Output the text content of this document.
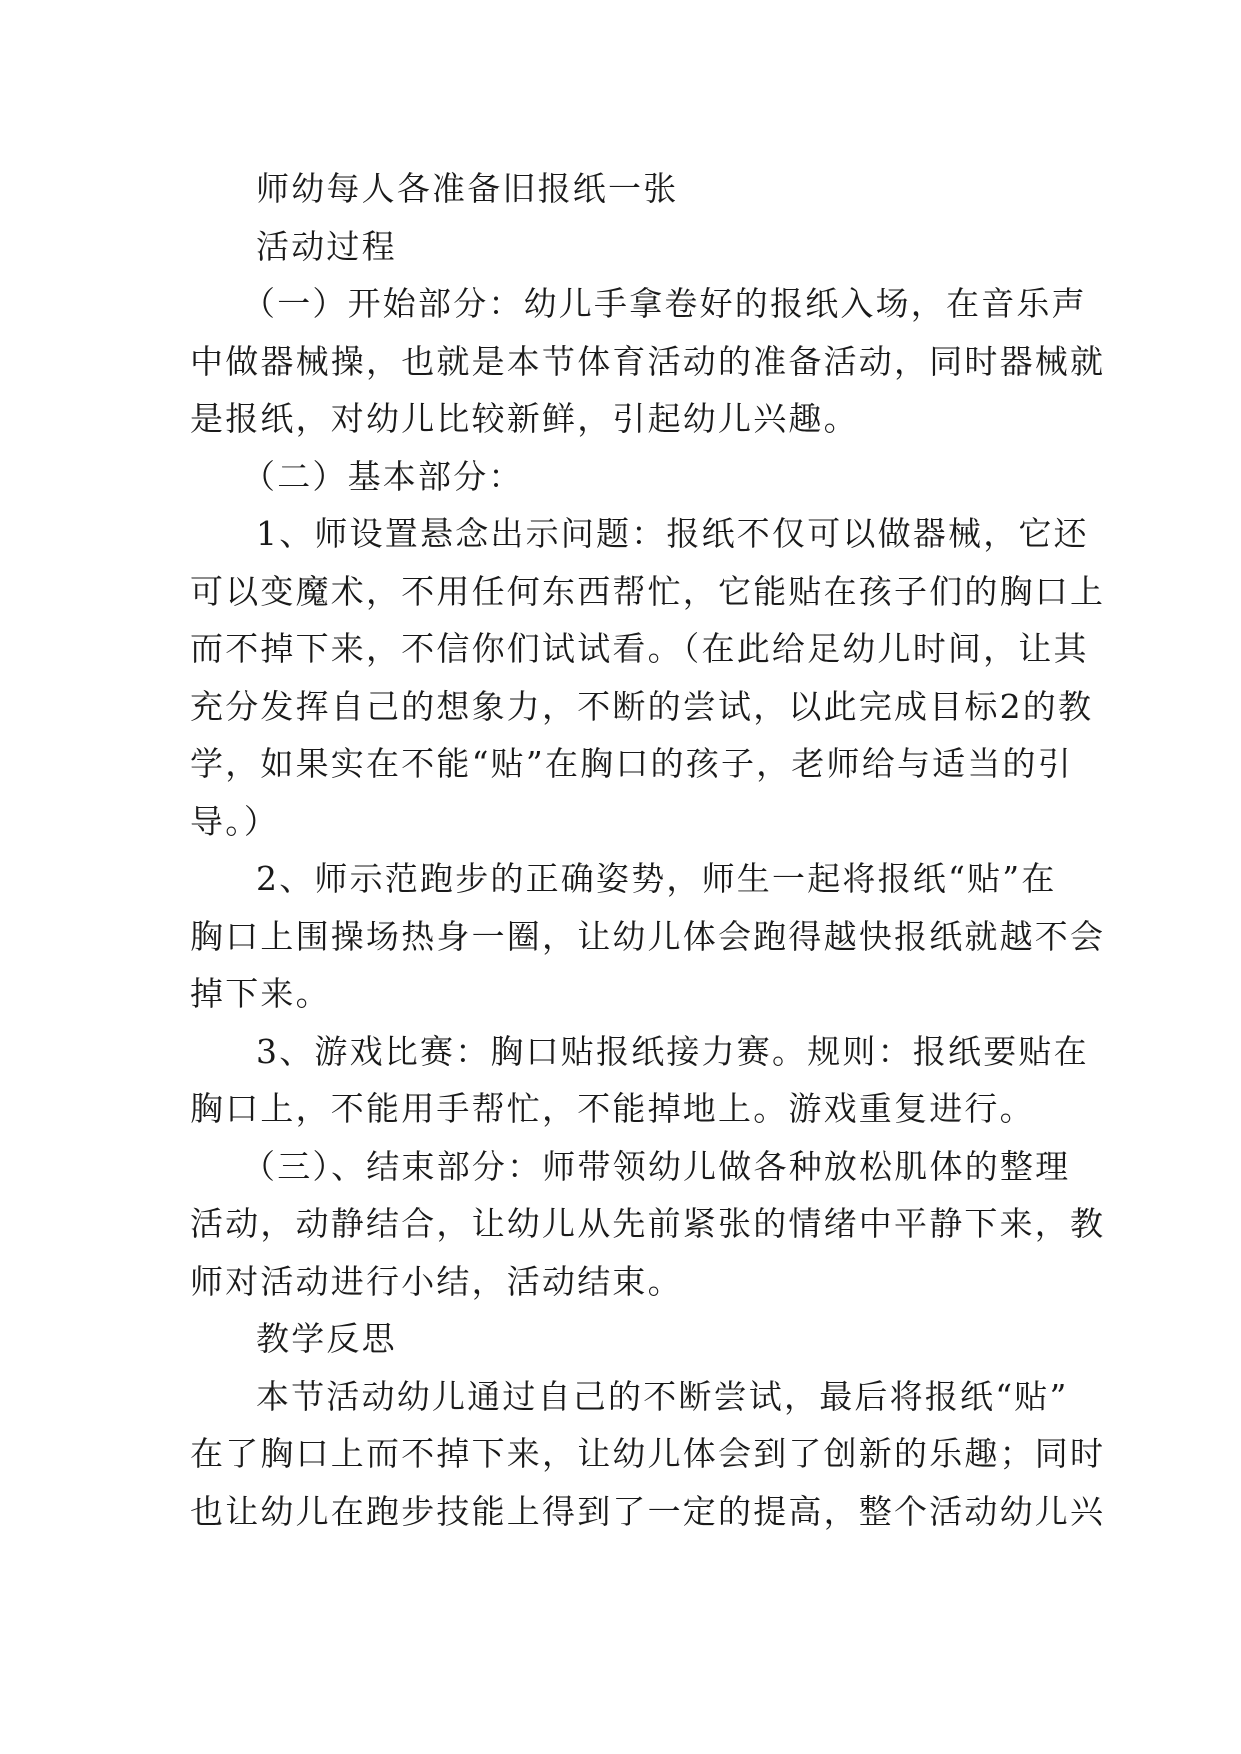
师幼每人各准备旧报纸一张
活动过程
（一）开始部分：幼儿手拿卷好的报纸入场，在音乐声
中做器械操，也就是本节体育活动的准备活动，同时器械就
是报纸，对幼儿比较新鲜，引起幼儿兴趣。
（二）基本部分：
1、师设置悬念出示问题：报纸不仅可以做器械，它还
可以变魔术，不用任何东西帮忙，它能贴在孩子们的胸口上
而不掉下来，不信你们试试看。（在此给足幼儿时间，让其
充分发挥自己的想象力，不断的尝试，以此完成目标2的教
学，如果实在不能“贴”在胸口的孩子，老师给与适当的引
导。）
2、师示范跑步的正确姿势，师生一起将报纸“贴”在
胸口上围操场热身一圈，让幼儿体会跑得越快报纸就越不会
掉下来。
3、游戏比赛：胸口贴报纸接力赛。规则：报纸要贴在
胸口上，不能用手帮忙，不能掉地上。游戏重复进行。
（三）、结束部分：师带领幼儿做各种放松肌体的整理
活动，动静结合，让幼儿从先前紧张的情绪中平静下来，教
师对活动进行小结，活动结束。
教学反思
本节活动幼儿通过自己的不断尝试，最后将报纸“贴”
在了胸口上而不掉下来，让幼儿体会到了创新的乐趣；同时
也让幼儿在跑步技能上得到了一定的提高，整个活动幼儿兴
